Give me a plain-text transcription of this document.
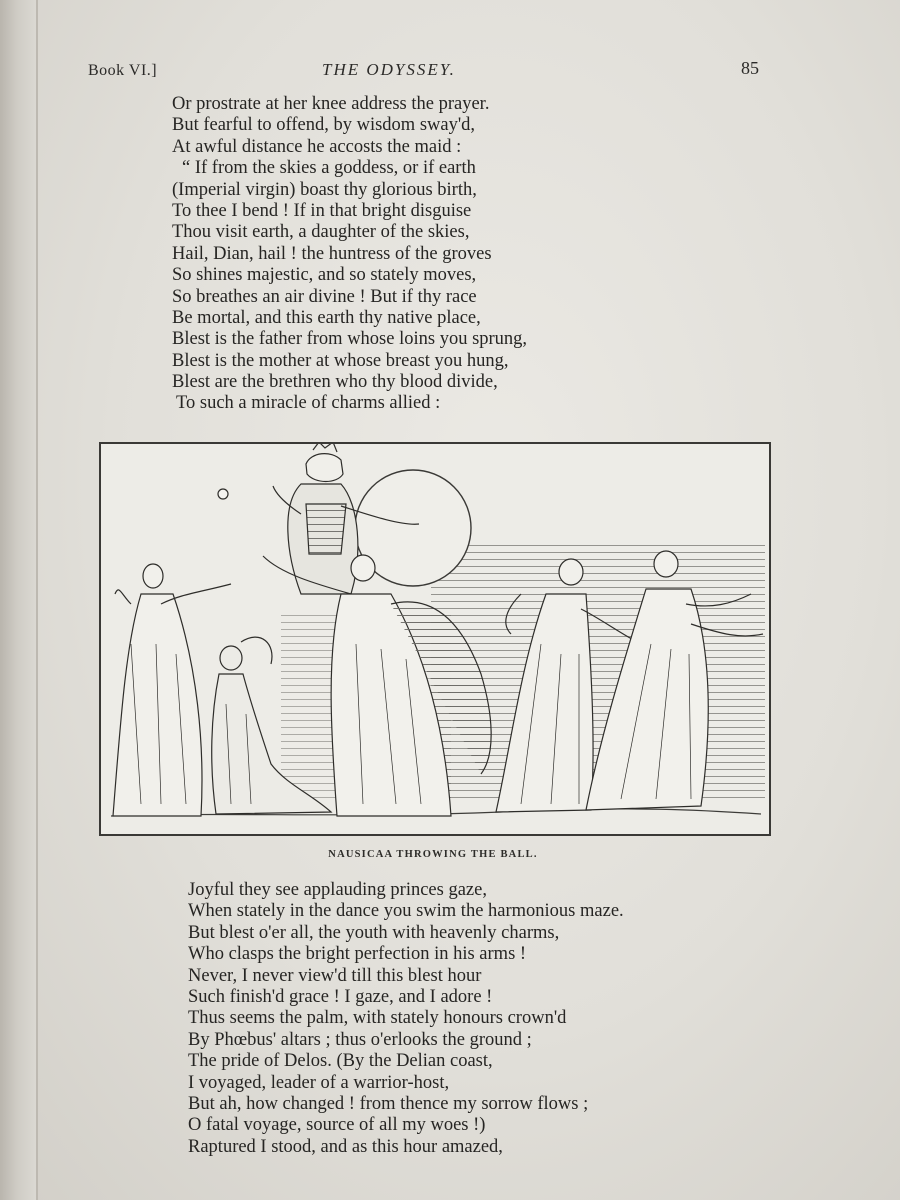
Book VI.]	THE ODYSSEY.	85
Or prostrate at her knee address the prayer.
But fearful to offend, by wisdom sway'd,
At awful distance he accosts the maid :
“ If from the skies a goddess, or if earth
(Imperial virgin) boast thy glorious birth,
To thee I bend ! If in that bright disguise
Thou visit earth, a daughter of the skies,
Hail, Dian, hail ! the huntress of the groves
So shines majestic, and so stately moves,
So breathes an air divine ! But if thy race
Be mortal, and this earth thy native place,
Blest is the father from whose loins you sprung,
Blest is the mother at whose breast you hung,
Blest are the brethren who thy blood divide,
To such a miracle of charms allied :
NAUSICAA THROWING THE BALL.
Joyful they see applauding princes gaze,
When stately in the dance you swim the harmonious maze.
But blest o'er all, the youth with heavenly charms,
Who clasps the bright perfection in his arms !
Never, I never view'd till this blest hour
Such finish'd grace ! I gaze, and I adore !
Thus seems the palm, with stately honours crown'd
By Phœbus' altars ; thus o'erlooks the ground ;
The pride of Delos. (By the Delian coast,
I voyaged, leader of a warrior-host,
But ah, how changed ! from thence my sorrow flows ;
O fatal voyage, source of all my woes !)
Raptured I stood, and as this hour amazed,
